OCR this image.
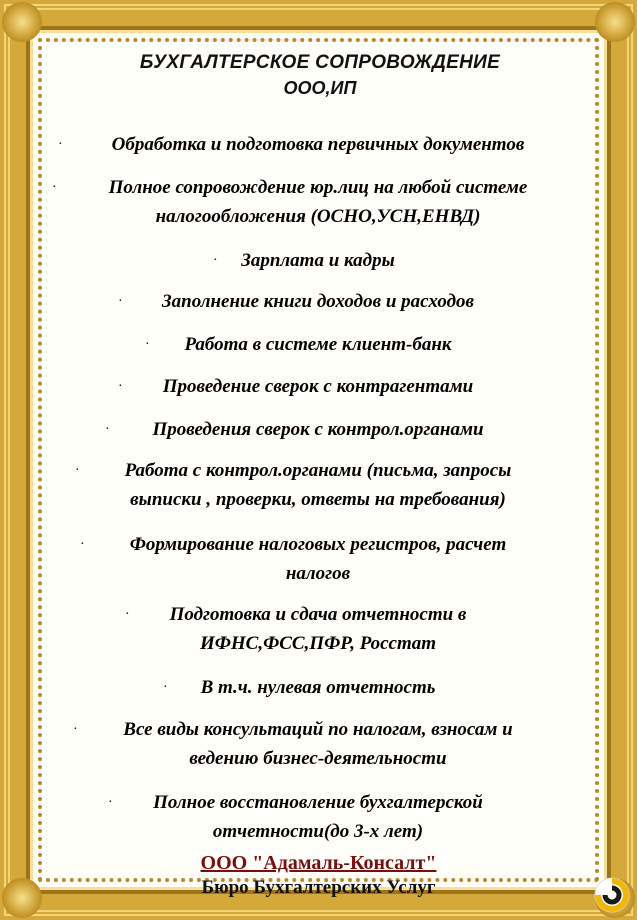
БУХГАЛТЕРСКОЕ СОПРОВОЖДЕНИЕ
ООО,ИП
·	Обработка и подготовка первичных документов
·	Полное сопровождение юр.лиц на любой системе
налогообложения (ОСНО,УСН,ЕНВД)
·	Зарплата и кадры
·	Заполнение книги доходов и расходов
·	Работа в системе клиент-банк
·	Проведение сверок с контрагентами
·	Проведения сверок с контрол.органами
·	Работа с контрол.органами (письма, запросы
выписки , проверки, ответы на требования)
·	Формирование налоговых регистров, расчет
налогов
·	Подготовка и сдача отчетности в
ИФНС,ФСС,ПФР, Росстат
·	В т.ч. нулевая отчетность
·	Все виды консультаций по налогам, взносам и
ведению бизнес-деятельности
·	Полное восстановление бухгалтерской
отчетности(до 3-х лет)
ООО "Адамаль-Консалт"
Бюро Бухгалтерских Услуг
